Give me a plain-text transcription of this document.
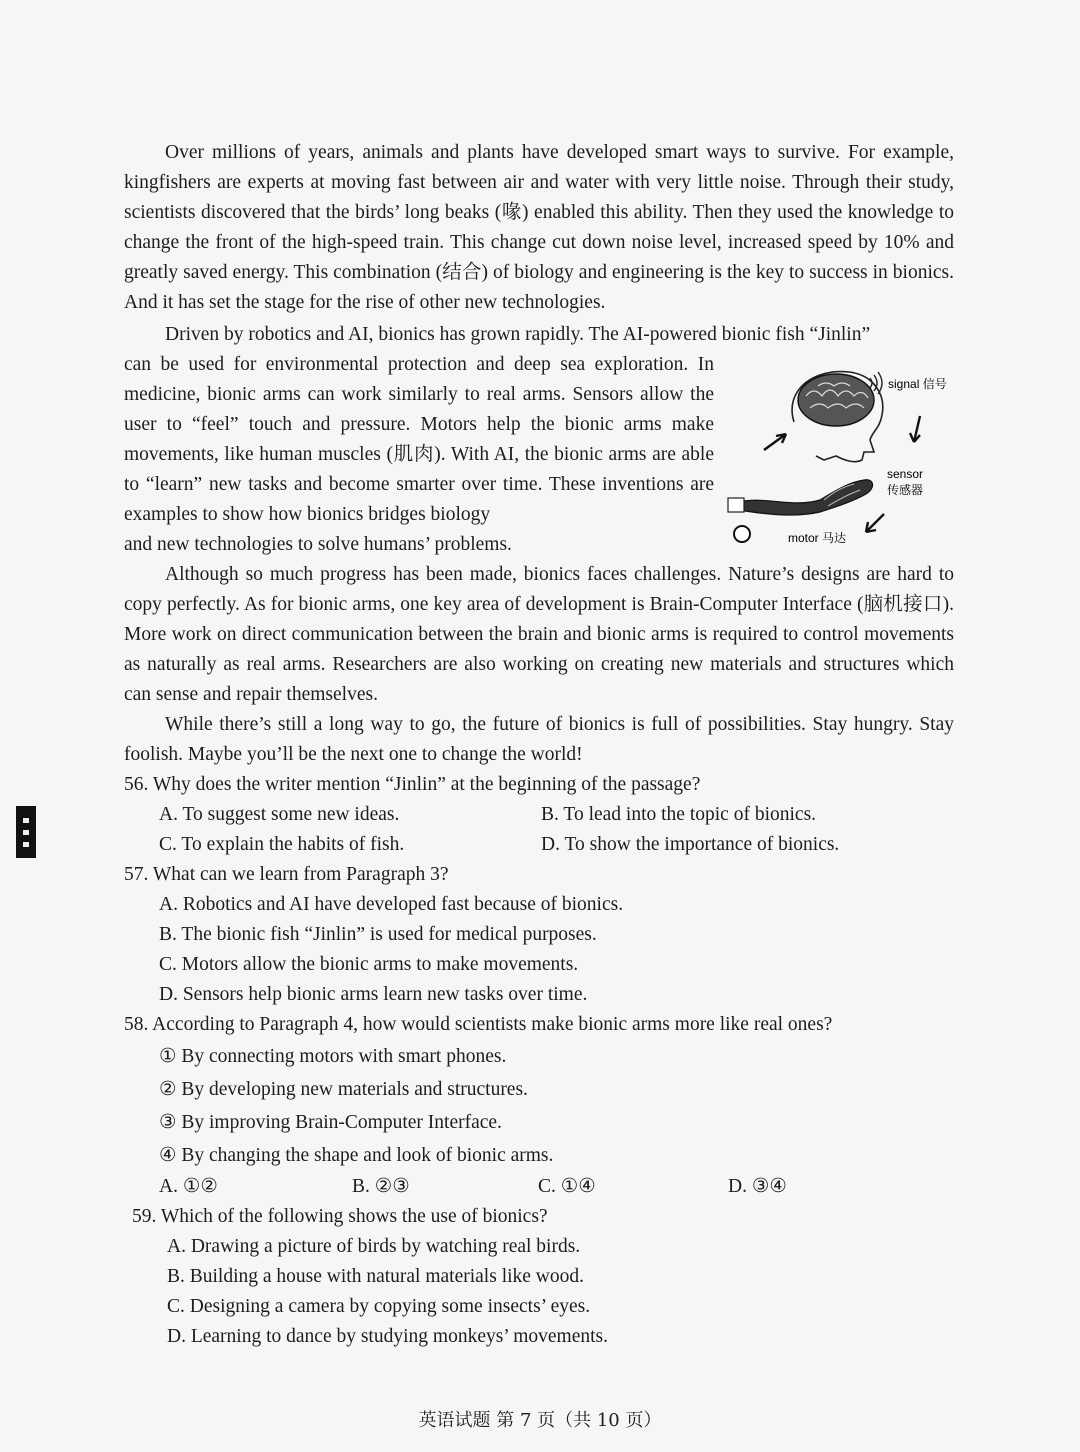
Over millions of years, animals and plants have developed smart ways to survive. For example, kingfishers are experts at moving fast between air and water with very little noise. Through their study, scientists discovered that the birds’ long beaks (喙) enabled this ability. Then they used the knowledge to change the front of the high-speed train. This change cut down noise level, increased speed by 10% and greatly saved energy. This combination (结合) of biology and engineering is the key to success in bionics. And it has set the stage for the rise of other new technologies.

Driven by robotics and AI, bionics has grown rapidly. The AI-powered bionic fish “Jinlin”

can be used for environmental protection and deep sea exploration. In medicine, bionic arms can work similarly to real arms. Sensors allow the user to “feel” touch and pressure. Motors help the bionic arms make movements, like human muscles (肌肉). With AI, the bionic arms are able to “learn” new tasks and become smarter over time. These inventions are examples to show how bionics bridges biology

signal 信号
sensor
传感器
motor 马达

and new technologies to solve humans’ problems.

Although so much progress has been made, bionics faces challenges. Nature’s designs are hard to copy perfectly. As for bionic arms, one key area of development is Brain-Computer Interface (脑机接口). More work on direct communication between the brain and bionic arms is required to control movements as naturally as real arms. Researchers are also working on creating new materials and structures which can sense and repair themselves.

While there’s still a long way to go, the future of bionics is full of possibilities. Stay hungry. Stay foolish. Maybe you’ll be the next one to change the world!

56. Why does the writer mention “Jinlin” at the beginning of the passage?
A. To suggest some new ideas.	B. To lead into the topic of bionics.
C. To explain the habits of fish.	D. To show the importance of bionics.
57. What can we learn from Paragraph 3?
A. Robotics and AI have developed fast because of bionics.
B. The bionic fish “Jinlin” is used for medical purposes.
C. Motors allow the bionic arms to make movements.
D. Sensors help bionic arms learn new tasks over time.
58. According to Paragraph 4, how would scientists make bionic arms more like real ones?
① By connecting motors with smart phones.
② By developing new materials and structures.
③ By improving Brain-Computer Interface.
④ By changing the shape and look of bionic arms.
A. ①②	B. ②③	C. ①④	D. ③④
59. Which of the following shows the use of bionics?
A. Drawing a picture of birds by watching real birds.
B. Building a house with natural materials like wood.
C. Designing a camera by copying some insects’ eyes.
D. Learning to dance by studying monkeys’ movements.
英语试题 第 7 页（共 10 页）
